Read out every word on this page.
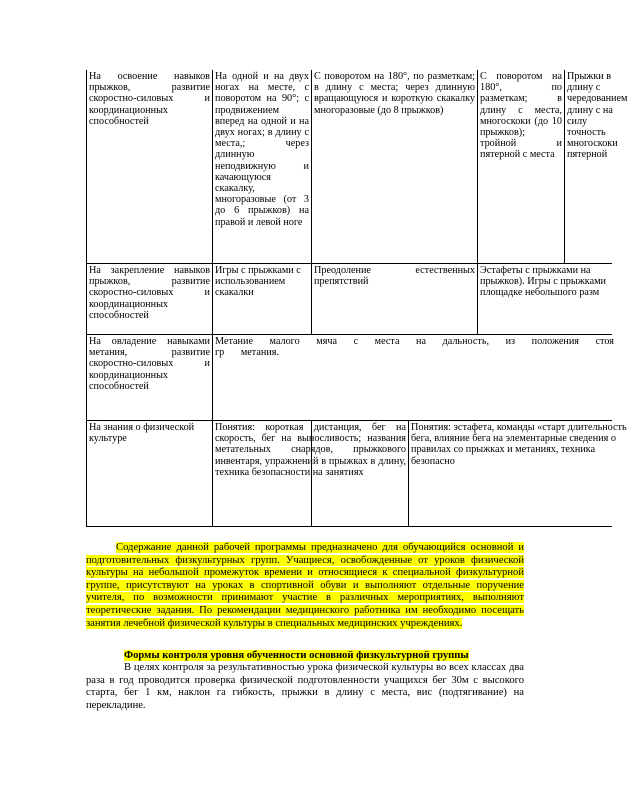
На освоение навыков прыжков, развитие скоростно-силовых и координационных способностей
На одной и на двух ногах на месте, с поворотом на 90°; с продвижением вперед на одной и на двух ногах; в длину с места,; через длинную неподвижную и качающуюся скакалку, многоразовые (от 3 до 6 прыжков) на правой и левой ноге
С поворотом на 180°, по разметкам; в длину с места; через длинную вращающуюся и короткую скакалку многоразовые (до 8 прыжков)
С поворотом на 180°, по разметкам; в длину с места, многоскоки (до 10 прыжков); тройной и пятерной с места
Прыжки в длину с чередованием длину с на силу точность многоскоки пятерной
На закрепление навыков прыжков, развитие скоростно-силовых и координационных способностей
Игры с прыжками с использованием скакалки
Преодоление естественных препятствий
Эстафеты с прыжками на прыжков). Игры с прыжками площадке небольшого разм
На овладение навыками метания, развитие скоростно-силовых и координационных способностей
Метание малого мяча с места на дальность, из положения стоя гр метания.
На знания о физической культуре
Понятия: короткая дистанция, бег на скорость, бег на выносливость; названия метательных снарядов, прыжкового инвентаря, упражнений в прыжках в длину, техника безопасности на занятиях
Понятия: эстафета, команды «старт длительность бега, влияние бега на элементарные сведения о правилах со прыжках и метаниях, техника безопасно
Содержание данной рабочей программы предназначено для обучающийся основной и подготовительных физкультурных групп. Учащиеся, освобожденные от уроков физической культуры на небольшой промежуток времени и относящиеся к специальной физкультурной группе, присутствуют на уроках в спортивной обуви и выполняют отдельные поручение учителя, по возможности принимают участие в различных мероприятиях, выполняют теоретические задания. По рекомендации медицинского работника им необходимо посещать занятия лечебной физической культуры в специальных медицинских учреждениях.
Формы контроля уровня обученности основной физкультурной группы
В целях контроля за результативностью урока физической культуры во всех классах два раза в год проводится проверка физической подготовленности учащихся бег 30м с высокого старта, бег 1 км, наклон га гибкость, прыжки в длину с места, вис (подтягивание) на перекладине.
